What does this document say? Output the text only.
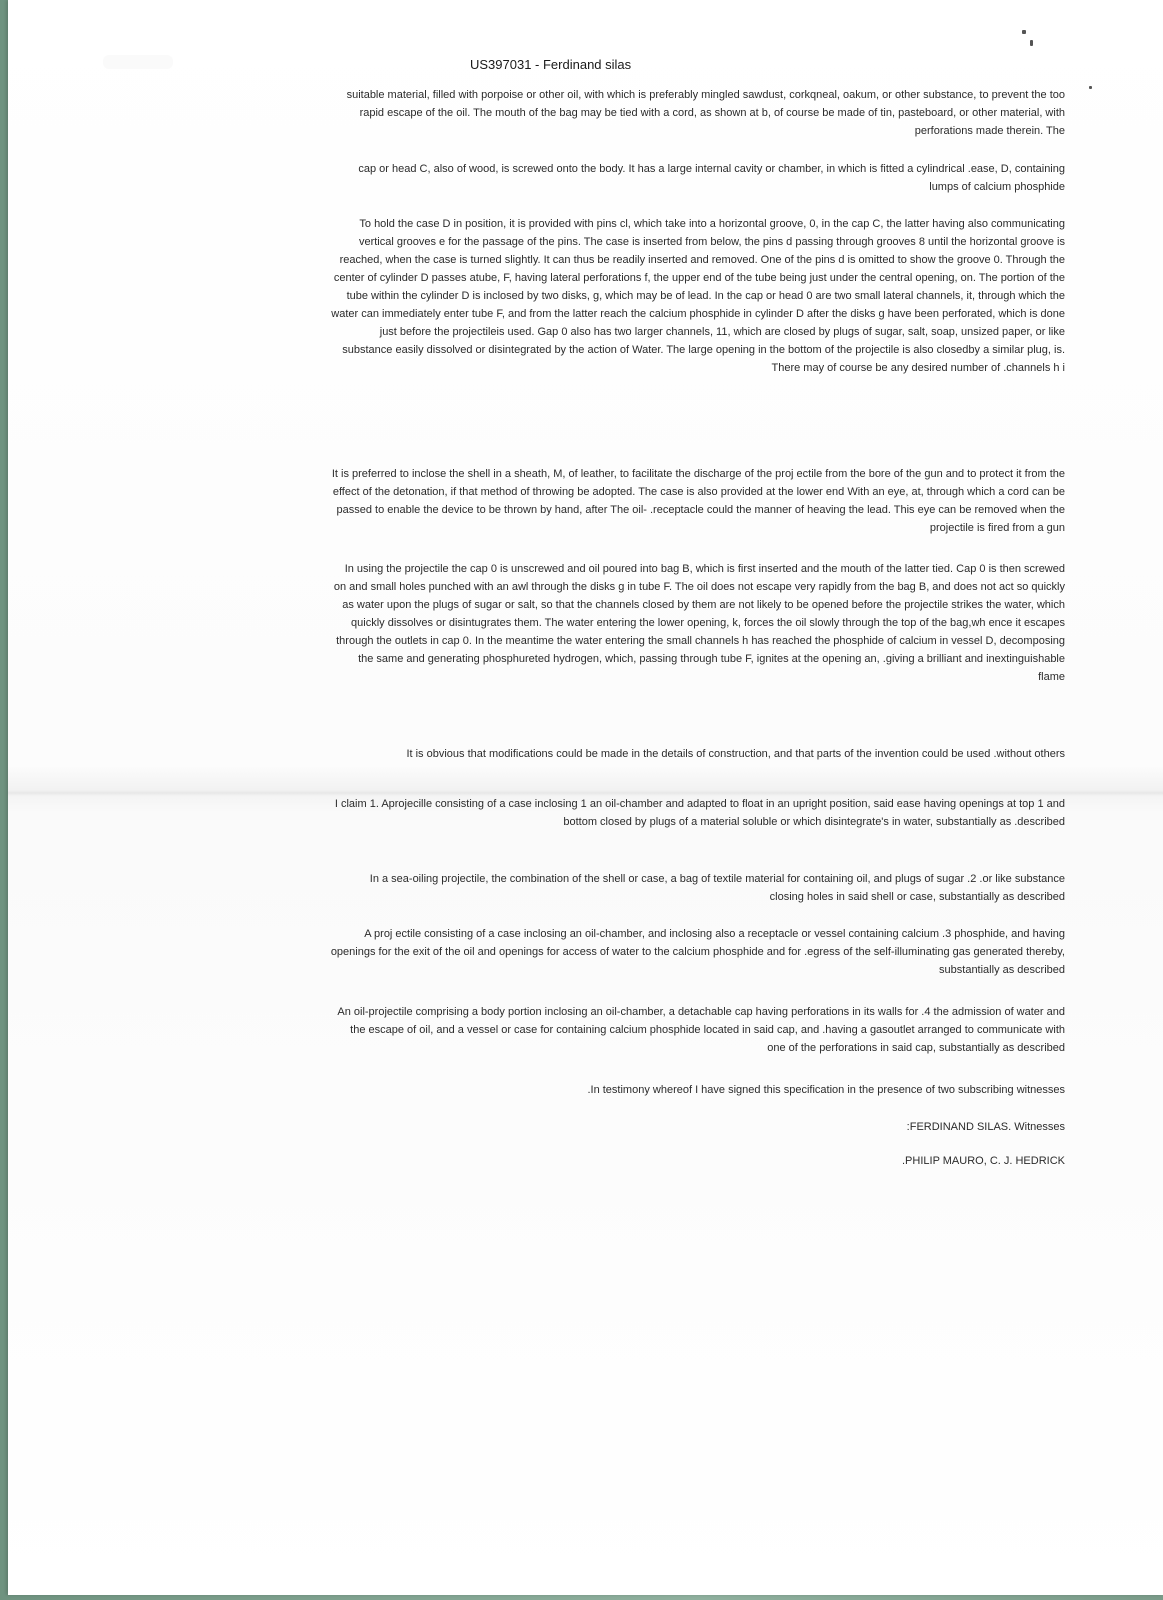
US397031 - Ferdinand silas

suitable material, filled with porpoise or other oil, with which is preferably mingled sawdust, corkqneal, oakum, or other substance, to prevent the too rapid escape of the oil. The mouth of the bag may be tied with a cord, as shown at b, of course be made of tin, pasteboard, or other material, with perforations made therein. The

cap or head C, also of wood, is screwed onto the body. It has a large internal cavity or chamber, in which is fitted a cylindrical .ease, D, containing lumps of calcium phosphide

To hold the case D in position, it is provided with pins cl, which take into a horizontal groove, 0, in the cap C, the latter having also communicating vertical grooves e for the passage of the pins. The case is inserted from below, the pins d passing through grooves 8 until the horizontal groove is reached, when the case is turned slightly. It can thus be readily inserted and removed. One of the pins d is omitted to show the groove 0. Through the center of cylinder D passes atube, F, having lateral perforations f, the upper end of the tube being just under the central opening, on. The portion of the tube within the cylinder D is inclosed by two disks, g, which may be of lead. In the cap or head 0 are two small lateral channels, it, through which the water can immediately enter tube F, and from the latter reach the calcium phosphide in cylinder D after the disks g have been perforated, which is done just before the projectileis used. Gap 0 also has two larger channels, 11, which are closed by plugs of sugar, salt, soap, unsized paper, or like substance easily dissolved or disintegrated by the action of Water. The large opening in the bottom of the projectile is also closedby a similar plug, is. There may of course be any desired number of .channels h i

It is preferred to inclose the shell in a sheath, M, of leather, to facilitate the discharge of the proj ectile from the bore of the gun and to protect it from the effect of the detonation, if that method of throwing be adopted. The case is also provided at the lower end With an eye, at, through which a cord can be passed to enable the device to be thrown by hand, after The oil- .receptacle could the manner of heaving the lead. This eye can be removed when the projectile is fired from a gun

In using the projectile the cap 0 is unscrewed and oil poured into bag B, which is first inserted and the mouth of the latter tied. Cap 0 is then screwed on and small holes punched with an awl through the disks g in tube F. The oil does not escape very rapidly from the bag B, and does not act so quickly as water upon the plugs of sugar or salt, so that the channels closed by them are not likely to be opened before the projectile strikes the water, which quickly dissolves or disintugrates them. The water entering the lower opening, k, forces the oil slowly through the top of the bag,wh ence it escapes through the outlets in cap 0. In the meantime the water entering the small channels h has reached the phosphide of calcium in vessel D, decomposing the same and generating phosphureted hydrogen, which, passing through tube F, ignites at the opening an, .giving a brilliant and inextinguishable flame

It is obvious that modifications could be made in the details of construction, and that parts of the invention could be used .without others

I claim 1. Aprojecille consisting of a case inclosing 1 an oil-chamber and adapted to float in an upright position, said ease having openings at top 1 and bottom closed by plugs of a material soluble or which disintegrate's in water, substantially as .described

In a sea-oiling projectile, the combination of the shell or case, a bag of textile material for containing oil, and plugs of sugar .2 .or like substance closing holes in said shell or case, substantially as described

A proj ectile consisting of a case inclosing an oil-chamber, and inclosing also a receptacle or vessel containing calcium .3 phosphide, and having openings for the exit of the oil and openings for access of water to the calcium phosphide and for .egress of the self-illuminating gas generated thereby, substantially as described

An oil-projectile comprising a body portion inclosing an oil-chamber, a detachable cap having perforations in its walls for .4 the admission of water and the escape of oil, and a vessel or case for containing calcium phosphide located in said cap, and .having a gasoutlet arranged to communicate with one of the perforations in said cap, substantially as described

.In testimony whereof I have signed this specification in the presence of two subscribing witnesses

:FERDINAND SILAS. Witnesses

.PHILIP MAURO, C. J. HEDRICK
